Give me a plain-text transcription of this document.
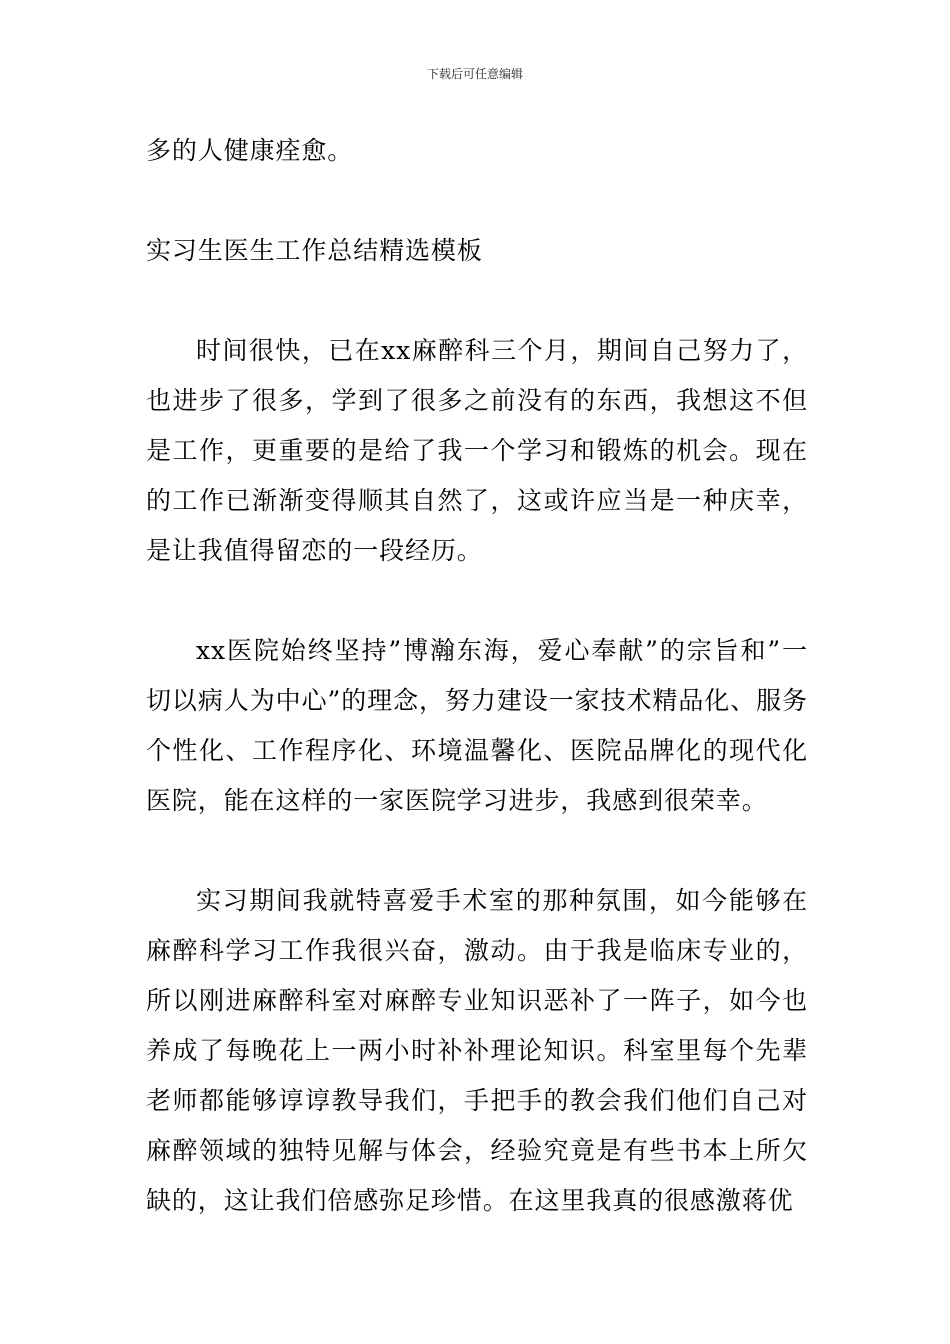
下载后可任意编辑

多的人健康痊愈。

实习生医生工作总结精选模板

时间很快，已在xx麻醉科三个月，期间自己努力了，也进步了很多，学到了很多之前没有的东西，我想这不但是工作，更重要的是给了我一个学习和锻炼的机会。现在的工作已渐渐变得顺其自然了，这或许应当是一种庆幸，是让我值得留恋的一段经历。

xx医院始终坚持”博瀚东海，爱心奉献”的宗旨和”一切以病人为中心”的理念，努力建设一家技术精品化、服务个性化、工作程序化、环境温馨化、医院品牌化的现代化医院，能在这样的一家医院学习进步，我感到很荣幸。

实习期间我就特喜爱手术室的那种氛围，如今能够在麻醉科学习工作我很兴奋，激动。由于我是临床专业的，所以刚进麻醉科室对麻醉专业知识恶补了一阵子，如今也养成了每晚花上一两小时补补理论知识。科室里每个先辈老师都能够谆谆教导我们，手把手的教会我们他们自己对麻醉领域的独特见解与体会，经验究竟是有些书本上所欠缺的，这让我们倍感弥足珍惜。在这里我真的很感激蒋优
